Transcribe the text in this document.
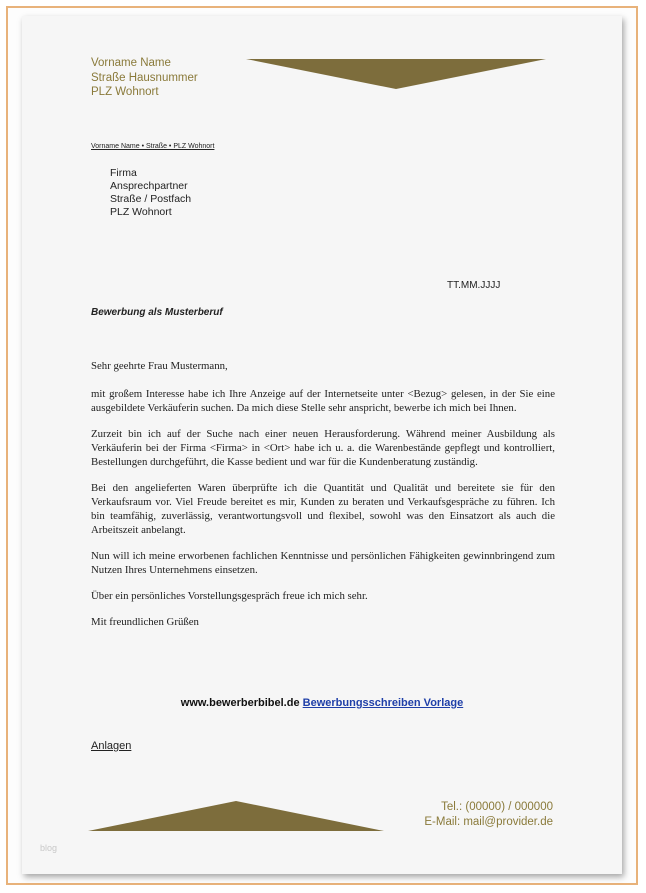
Vorname Name
Straße Hausnummer
PLZ Wohnort
Vorname Name • Straße • PLZ Wohnort
Firma
Ansprechpartner
Straße / Postfach
PLZ Wohnort
TT.MM.JJJJ
Bewerbung als Musterberuf

Sehr geehrte Frau Mustermann,

mit großem Interesse habe ich Ihre Anzeige auf der Internetseite unter <Bezug> gelesen, in der Sie eine ausgebildete Verkäuferin suchen. Da mich diese Stelle sehr anspricht, bewerbe ich mich bei Ihnen.

Zurzeit bin ich auf der Suche nach einer neuen Herausforderung. Während meiner Ausbildung als Verkäuferin bei der Firma <Firma> in <Ort> habe ich u. a. die Warenbestände gepflegt und kontrolliert, Bestellungen durchgeführt, die Kasse bedient und war für die Kundenberatung zuständig.

Bei den angelieferten Waren überprüfte ich die Quantität und Qualität und bereitete sie für den Verkaufsraum vor. Viel Freude bereitet es mir, Kunden zu beraten und Verkaufsgespräche zu führen. Ich bin teamfähig, zuverlässig, verantwortungsvoll und flexibel, sowohl was den Einsatzort als auch die Arbeitszeit anbelangt.

Nun will ich meine erworbenen fachlichen Kenntnisse und persönlichen Fähigkeiten gewinnbringend zum Nutzen Ihres Unternehmens einsetzen.

Über ein persönliches Vorstellungsgespräch freue ich mich sehr.

Mit freundlichen Grüßen

www.bewerberbibel.de Bewerbungsschreiben Vorlage
Anlagen
Tel.: (00000) / 000000
E-Mail: mail@provider.de
blog
